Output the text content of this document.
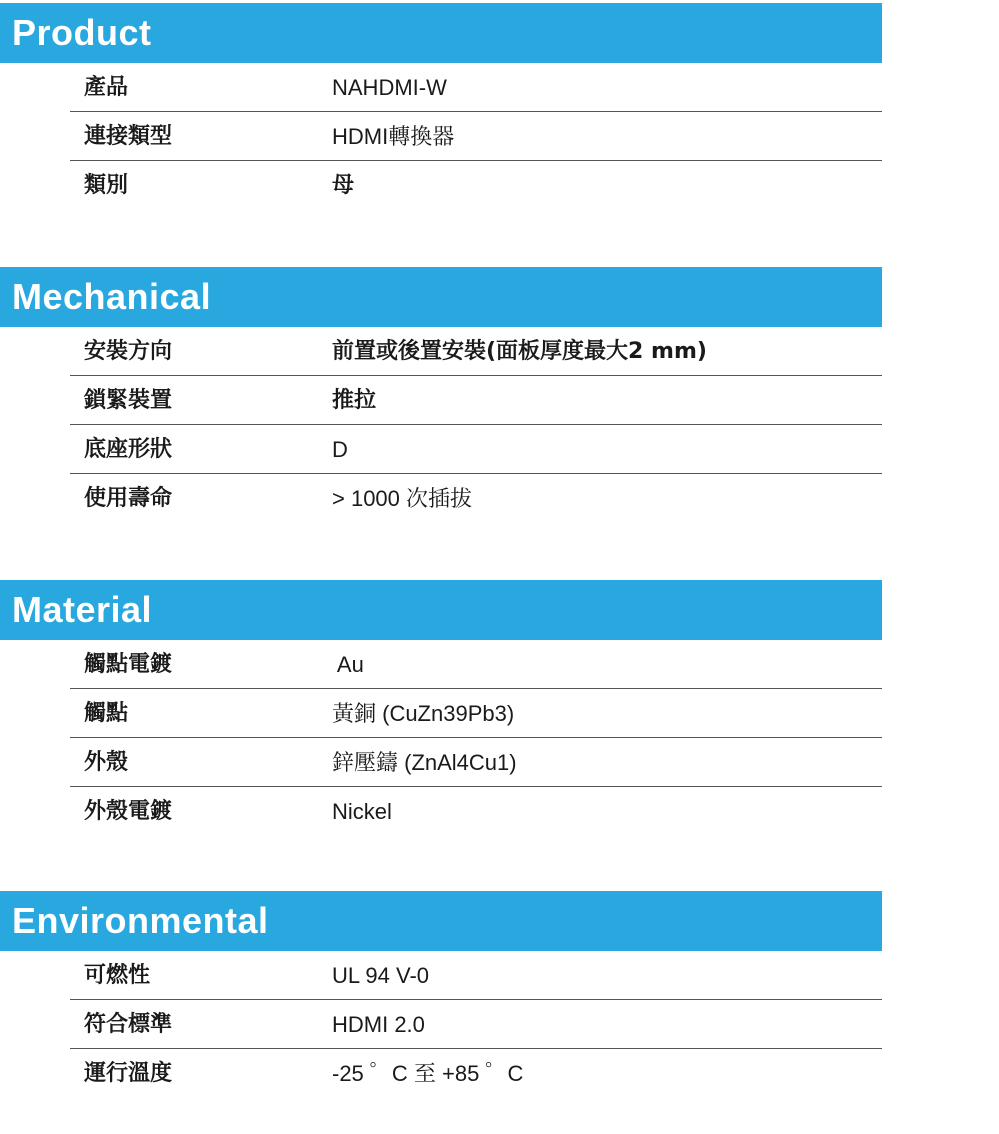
Product
產品	NAHDMI-W
連接類型	HDMI轉換器
類別	母
Mechanical
安裝方向	前置或後置安裝(面板厚度最大2 mm)
鎖緊裝置	推拉
底座形狀	D
使用壽命	> 1000 次插拔
Material
觸點電鍍	Au
觸點	黃銅 (CuZn39Pb3)
外殼	鋅壓鑄 (ZnAl4Cu1)
外殼電鍍	Nickel
Environmental
可燃性	UL 94 V-0
符合標準	HDMI 2.0
運行溫度	-25 ゜C 至 +85 ゜C
